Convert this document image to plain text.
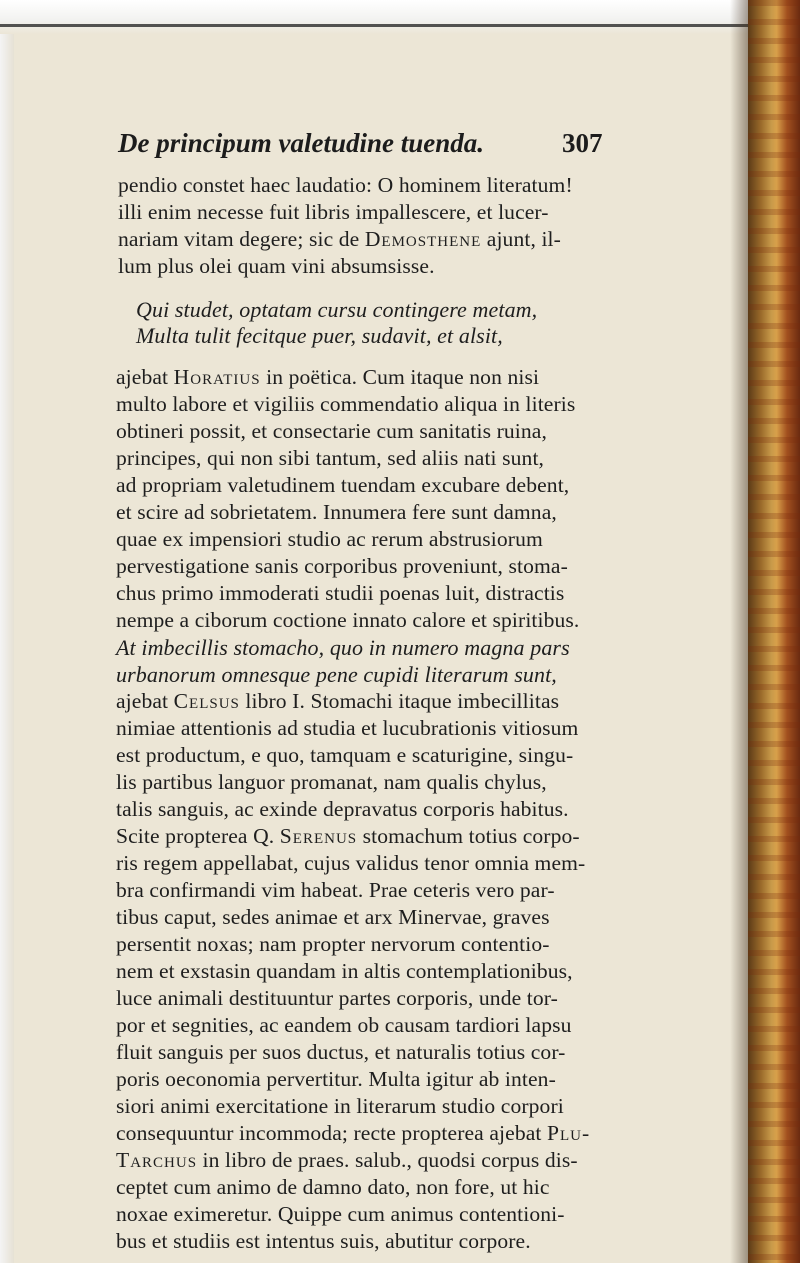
De principum valetudine tuenda.	307
pendio constet haec laudatio: O hominem literatum!
illi enim necesse fuit libris impallescere, et lucer-
nariam vitam degere; sic de Demosthene ajunt, il-
lum plus olei quam vini absumsisse.
Qui studet, optatam cursu contingere metam,
Multa tulit fecitque puer, sudavit, et alsit,
ajebat Horatius in poëtica. Cum itaque non nisi
multo labore et vigiliis commendatio aliqua in literis
obtineri possit, et consectarie cum sanitatis ruina,
principes, qui non sibi tantum, sed aliis nati sunt,
ad propriam valetudinem tuendam excubare debent,
et scire ad sobrietatem. Innumera fere sunt damna,
quae ex impensiori studio ac rerum abstrusiorum
pervestigatione sanis corporibus proveniunt, stoma-
chus primo immoderati studii poenas luit, distractis
nempe a ciborum coctione innato calore et spiritibus.
At imbecillis stomacho, quo in numero magna pars
urbanorum omnesque pene cupidi literarum sunt,
ajebat Celsus libro I. Stomachi itaque imbecillitas
nimiae attentionis ad studia et lucubrationis vitiosum
est productum, e quo, tamquam e scaturigine, singu-
lis partibus languor promanat, nam qualis chylus,
talis sanguis, ac exinde depravatus corporis habitus.
Scite propterea Q. Serenus stomachum totius corpo-
ris regem appellabat, cujus validus tenor omnia mem-
bra confirmandi vim habeat. Prae ceteris vero par-
tibus caput, sedes animae et arx Minervae, graves
persentit noxas; nam propter nervorum contentio-
nem et exstasin quandam in altis contemplationibus,
luce animali destituuntur partes corporis, unde tor-
por et segnities, ac eandem ob causam tardiori lapsu
fluit sanguis per suos ductus, et naturalis totius cor-
poris oeconomia pervertitur. Multa igitur ab inten-
siori animi exercitatione in literarum studio corpori
consequuntur incommoda; recte propterea ajebat Plu-
Tarchus in libro de praes. salub., quodsi corpus dis-
ceptet cum animo de damno dato, non fore, ut hic
noxae eximeretur. Quippe cum animus contentioni-
bus et studiis est intentus suis, abutitur corpore.
